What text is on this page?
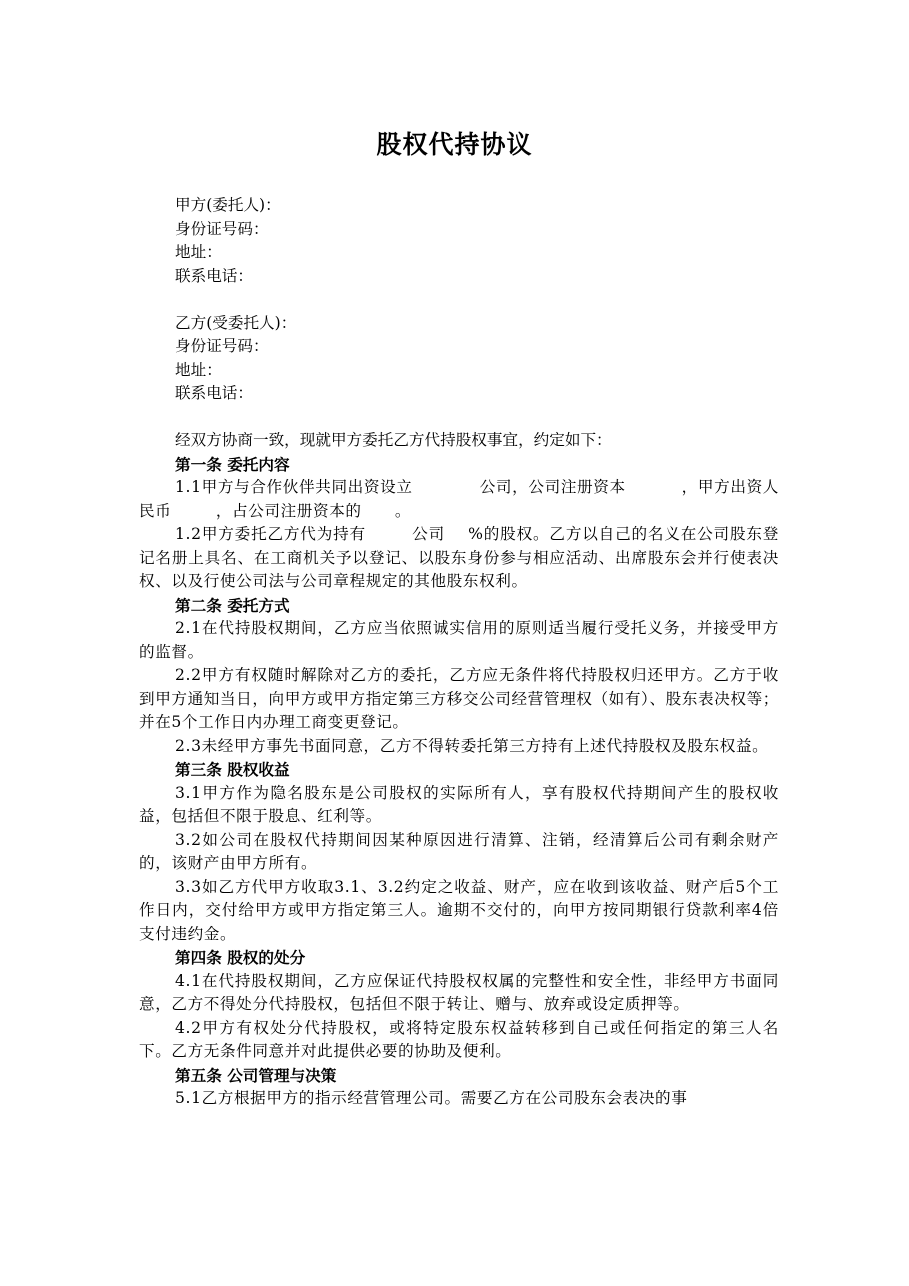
股权代持协议
甲方(委托人)：
身份证号码：
地址：
联系电话：
乙方(受委托人)：
身份证号码：
地址：
联系电话：
经双方协商一致，现就甲方委托乙方代持股权事宜，约定如下：
第一条 委托内容

1.1甲方与合作伙伴共同出资设立            公司，公司注册资本          ，甲方出资人民币        ，占公司注册资本的      。

1.2甲方委托乙方代为持有        公司    %的股权。乙方以自己的名义在公司股东登记名册上具名、在工商机关予以登记、以股东身份参与相应活动、出席股东会并行使表决权、以及行使公司法与公司章程规定的其他股东权利。

第二条 委托方式

2.1在代持股权期间，乙方应当依照诚实信用的原则适当履行受托义务，并接受甲方的监督。

2.2甲方有权随时解除对乙方的委托，乙方应无条件将代持股权归还甲方。乙方于收到甲方通知当日，向甲方或甲方指定第三方移交公司经营管理权（如有）、股东表决权等；并在5个工作日内办理工商变更登记。

2.3未经甲方事先书面同意，乙方不得转委托第三方持有上述代持股权及股东权益。

第三条 股权收益

3.1甲方作为隐名股东是公司股权的实际所有人，享有股权代持期间产生的股权收益，包括但不限于股息、红利等。

3.2如公司在股权代持期间因某种原因进行清算、注销，经清算后公司有剩余财产的，该财产由甲方所有。

3.3如乙方代甲方收取3.1、3.2约定之收益、财产，应在收到该收益、财产后5个工作日内，交付给甲方或甲方指定第三人。逾期不交付的，向甲方按同期银行贷款利率4倍支付违约金。

第四条 股权的处分

4.1在代持股权期间，乙方应保证代持股权权属的完整性和安全性，非经甲方书面同意，乙方不得处分代持股权，包括但不限于转让、赠与、放弃或设定质押等。

4.2甲方有权处分代持股权，或将特定股东权益转移到自己或任何指定的第三人名下。乙方无条件同意并对此提供必要的协助及便利。

第五条 公司管理与决策

5.1乙方根据甲方的指示经营管理公司。需要乙方在公司股东会表决的事
